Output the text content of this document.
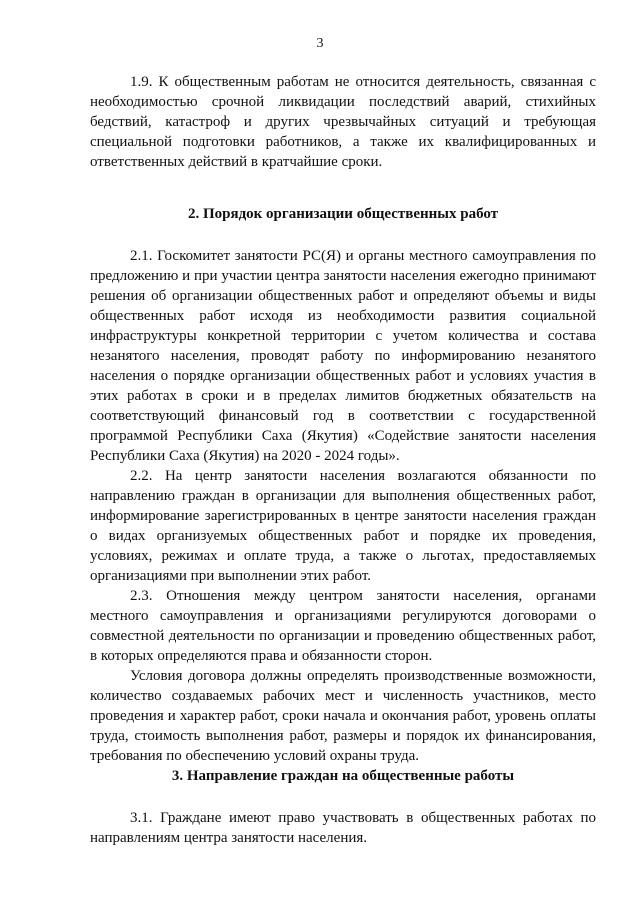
3

1.9. К общественным работам не относится деятельность, связанная с необходимостью срочной ликвидации последствий аварий, стихийных бедствий, катастроф и других чрезвычайных ситуаций и требующая специальной подготовки работников, а также их квалифицированных и ответственных действий в кратчайшие сроки.

2. Порядок организации общественных работ

2.1. Госкомитет занятости РС(Я) и органы местного самоуправления по предложению и при участии центра занятости населения ежегодно принимают решения об организации общественных работ и определяют объемы и виды общественных работ исходя из необходимости развития социальной инфраструктуры конкретной территории с учетом количества и состава незанятого населения, проводят работу по информированию незанятого населения о порядке организации общественных работ и условиях участия в этих работах в сроки и в пределах лимитов бюджетных обязательств на соответствующий финансовый год в соответствии с государственной программой Республики Саха (Якутия) «Содействие занятости населения Республики Саха (Якутия) на 2020 - 2024 годы».

2.2. На центр занятости населения возлагаются обязанности по направлению граждан в организации для выполнения общественных работ, информирование зарегистрированных в центре занятости населения граждан о видах организуемых общественных работ и порядке их проведения, условиях, режимах и оплате труда, а также о льготах, предоставляемых организациями при выполнении этих работ.

2.3. Отношения между центром занятости населения, органами местного самоуправления и организациями регулируются договорами о совместной деятельности по организации и проведению общественных работ, в которых определяются права и обязанности сторон.

Условия договора должны определять производственные возможности, количество создаваемых рабочих мест и численность участников, место проведения и характер работ, сроки начала и окончания работ, уровень оплаты труда, стоимость выполнения работ, размеры и порядок их финансирования, требования по обеспечению условий охраны труда.

3. Направление граждан на общественные работы

3.1. Граждане имеют право участвовать в общественных работах по направлениям центра занятости населения.
